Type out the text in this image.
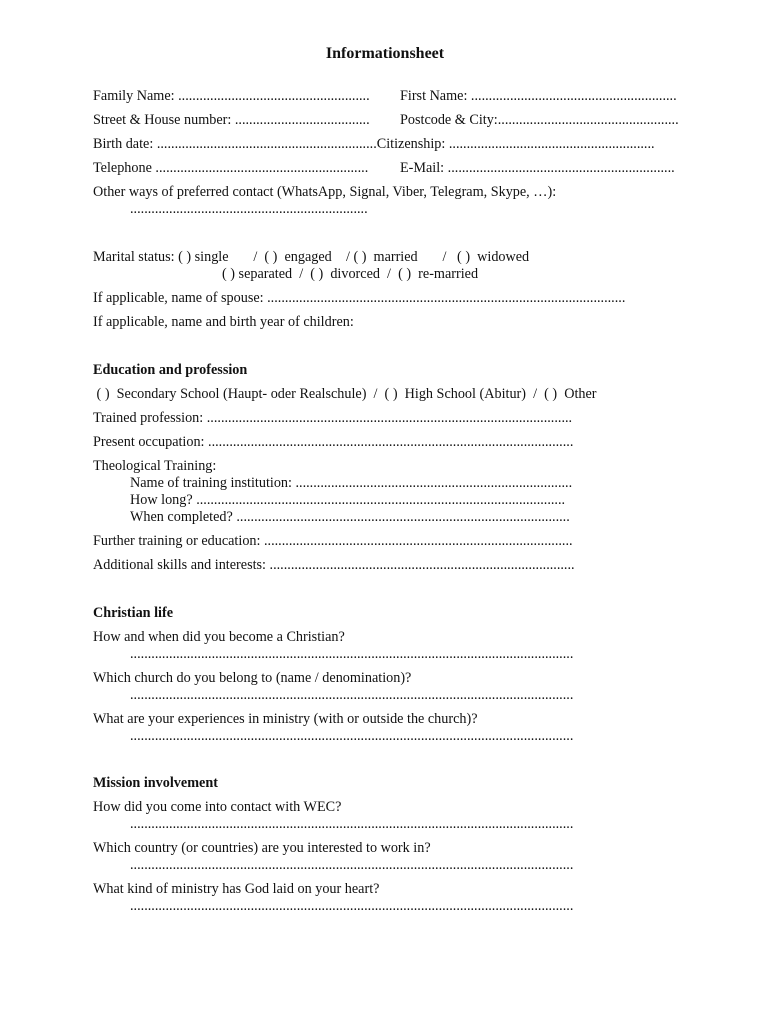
Informationsheet
Family Name: ...................................................... First Name: ..........................................................
Street & House number: ...................................... Postcode & City:...................................................
Birth date: ..............................................................Citizenship: ..........................................................
Telephone ............................................................ E-Mail: ................................................................
Other ways of preferred contact (WhatsApp, Signal, Viber, Telegram, Skype, …):
...................................................................
Marital status: ( ) single       /  ( )  engaged    / ( )  married       /   ( )  widowed
( ) separated  /  ( )  divorced  /  ( )  re-married
If applicable, name of spouse: .....................................................................................................
If applicable, name and birth year of children:
Education and profession
( )  Secondary School (Haupt- oder Realschule)  /  ( )  High School (Abitur)  /  ( )  Other
Trained profession: .......................................................................................................
Present occupation: .......................................................................................................
Theological Training:
Name of training institution: ..............................................................................
How long? ........................................................................................................
When completed? ..............................................................................................
Further training or education: .......................................................................................
Additional skills and interests: ......................................................................................
Christian life
How and when did you become a Christian?
.............................................................................................................................
Which church do you belong to (name / denomination)?
.............................................................................................................................
What are your experiences in ministry (with or outside the church)?
.............................................................................................................................
Mission involvement
How did you come into contact with WEC?
.............................................................................................................................
Which country (or countries) are you interested to work in?
.............................................................................................................................
What kind of ministry has God laid on your heart?
.............................................................................................................................
